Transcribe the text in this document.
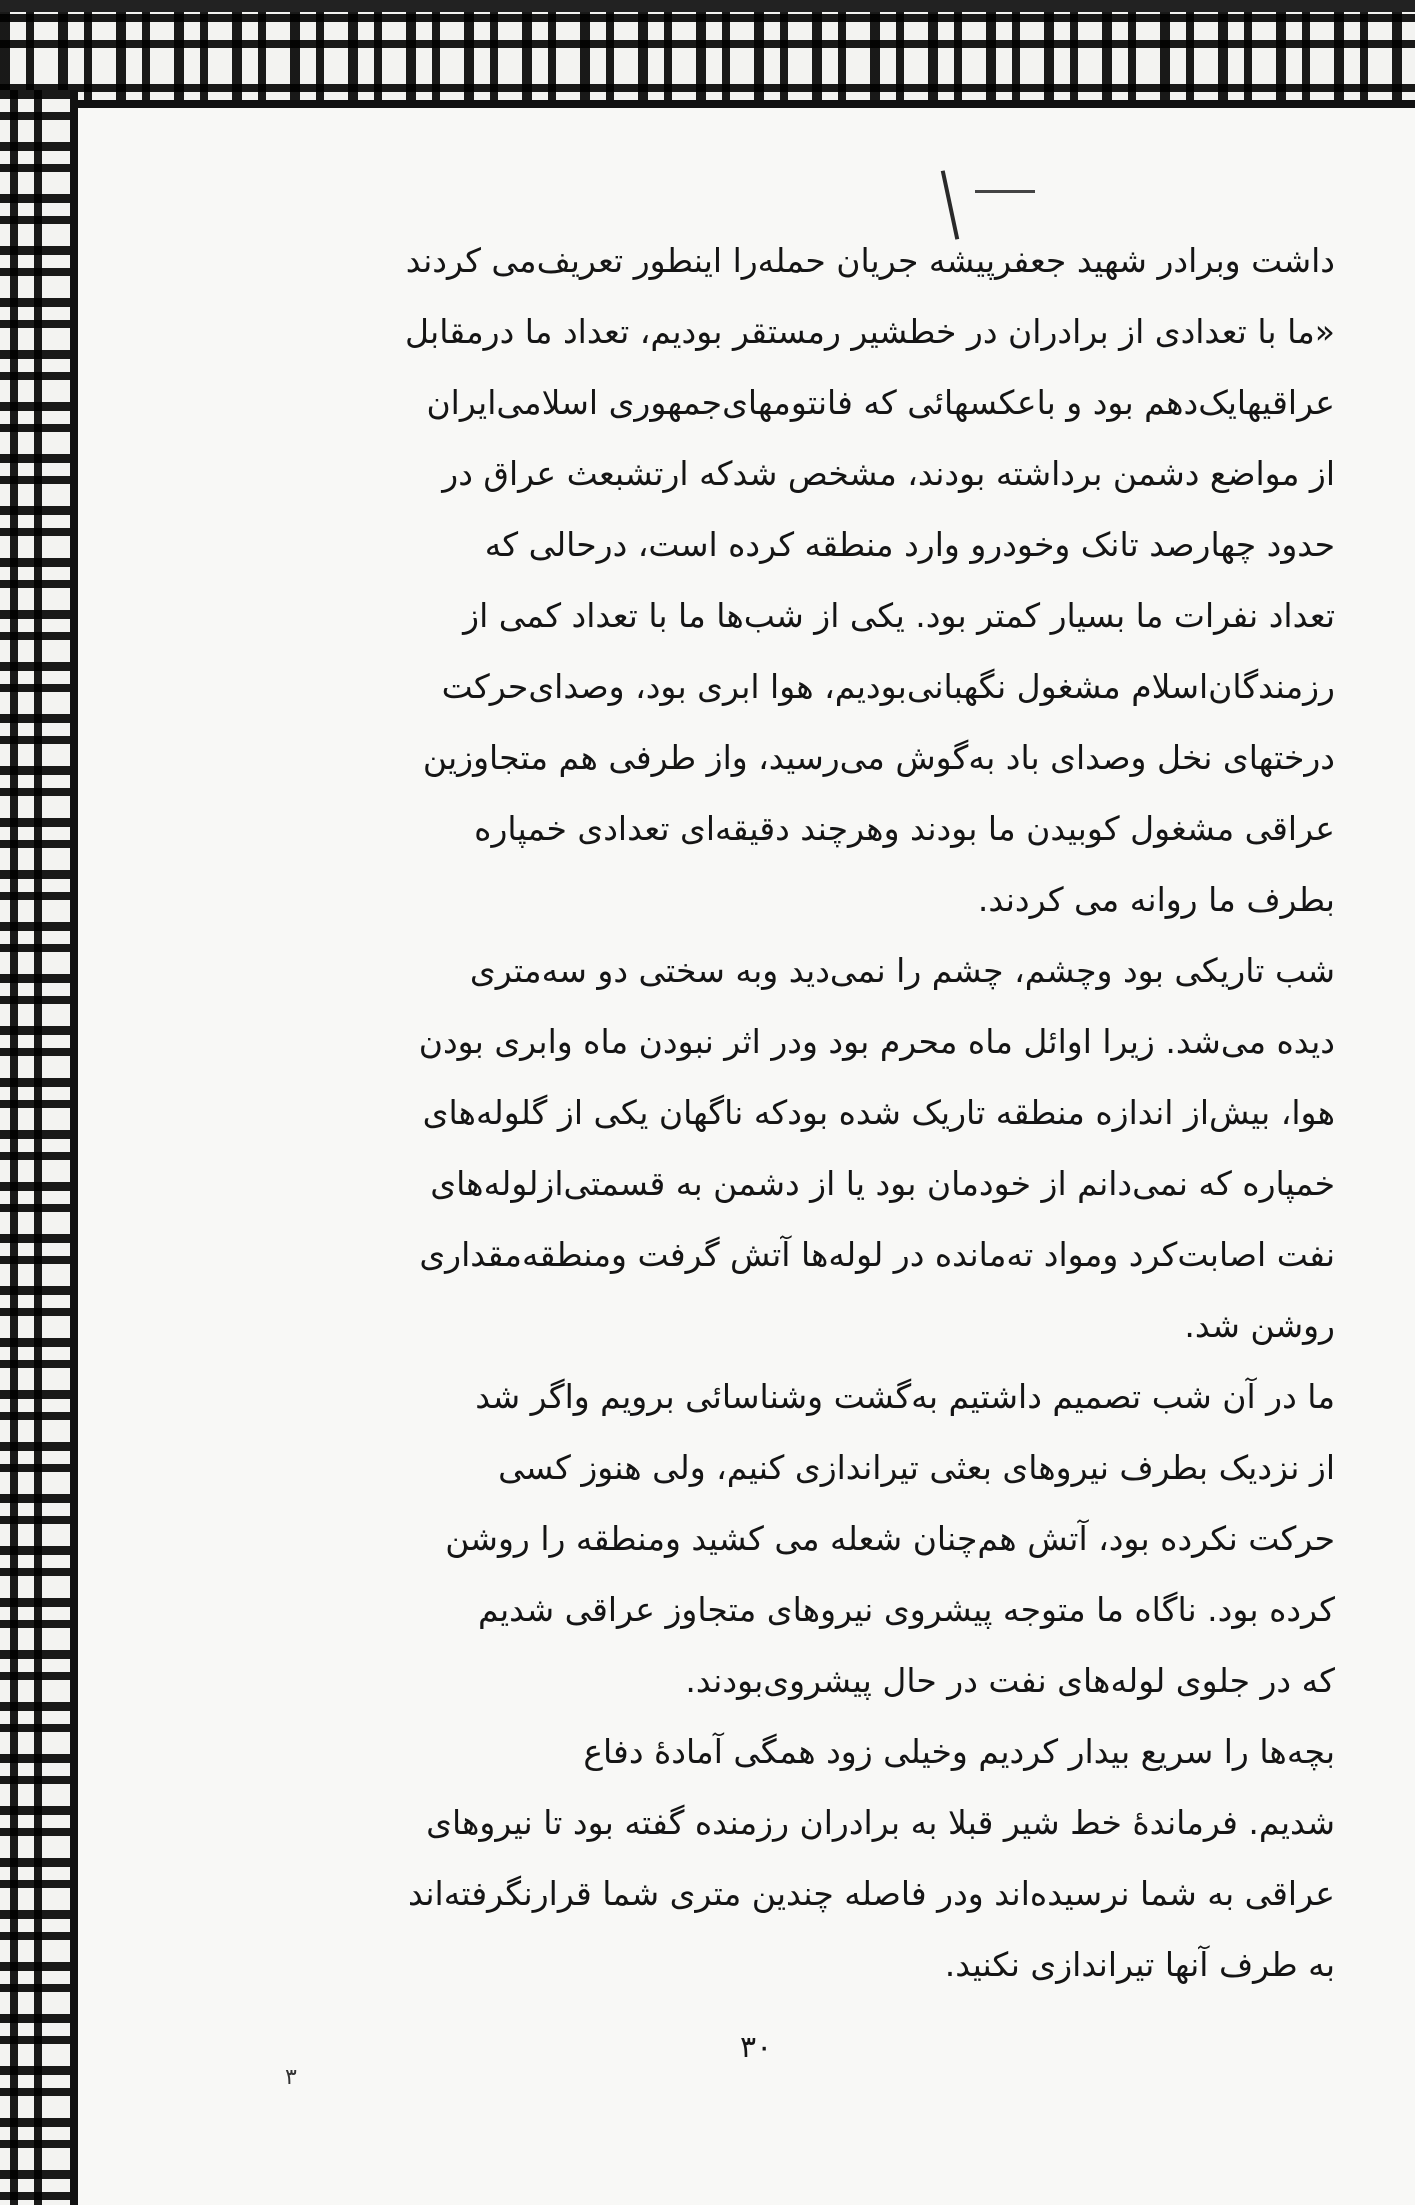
داشت وبرادر شهید جعفرپیشه جریان حمله‌را اینطور تعریف‌می کردند

«ما با تعدادی از برادران در خطشیر رمستقر بودیم، تعداد ما درمقابل

عراقیهایک‌دهم بود و باعکسهائی که فانتومهای‌جمهوری اسلامی‌ایران

از مواضع دشمن برداشته بودند، مشخص شدکه ارتشبعث عراق در

حدود چهارصد تانک وخودرو وارد منطقه کرده است، درحالی که

تعداد نفرات ما بسیار کمتر بود. یکی از شب‌ها ما با تعداد کمی از

رزمندگان‌اسلام مشغول نگهبانی‌بودیم، هوا ابری بود، وصدای‌حرکت

درختهای نخل وصدای باد به‌گوش می‌رسید، واز طرفی هم متجاوزین

عراقی مشغول کوبیدن ما بودند وهرچند دقیقه‌ای تعدادی خمپاره

بطرف ما روانه می کردند.

شب تاریکی بود وچشم، چشم را نمی‌دید وبه سختی دو سه‌متری

دیده می‌شد. زیرا اوائل ماه محرم بود ودر اثر نبودن ماه وابری بودن

هوا، بیش‌از اندازه منطقه تاریک شده بودکه ناگهان یکی از گلوله‌های

خمپاره که نمی‌دانم از خودمان بود یا از دشمن به قسمتی‌ازلوله‌های

نفت اصابت‌کرد ومواد ته‌مانده در لوله‌ها آتش گرفت ومنطقه‌مقداری

روشن شد.

ما در آن شب تصمیم داشتیم به‌گشت وشناسائی برویم واگر شد

از نزدیک بطرف نیروهای بعثی تیراندازی کنیم، ولی هنوز کسی

حرکت نکرده بود، آتش هم‌چنان شعله می کشید ومنطقه را روشن

کرده بود. ناگاه ما متوجه پیشروی نیروهای متجاوز عراقی شدیم

که در جلوی لوله‌های نفت در حال پیشروی‌بودند.

بچه‌ها را سریع بیدار کردیم وخیلی زود همگی آمادهٔ دفاع

شدیم. فرماندهٔ خط شیر قبلا به برادران رزمنده گفته بود تا نیروهای

عراقی به شما نرسیده‌اند ودر فاصله چندین متری شما قرارنگرفته‌اند

به طرف آنها تیراندازی نکنید.

۳۰
۳
